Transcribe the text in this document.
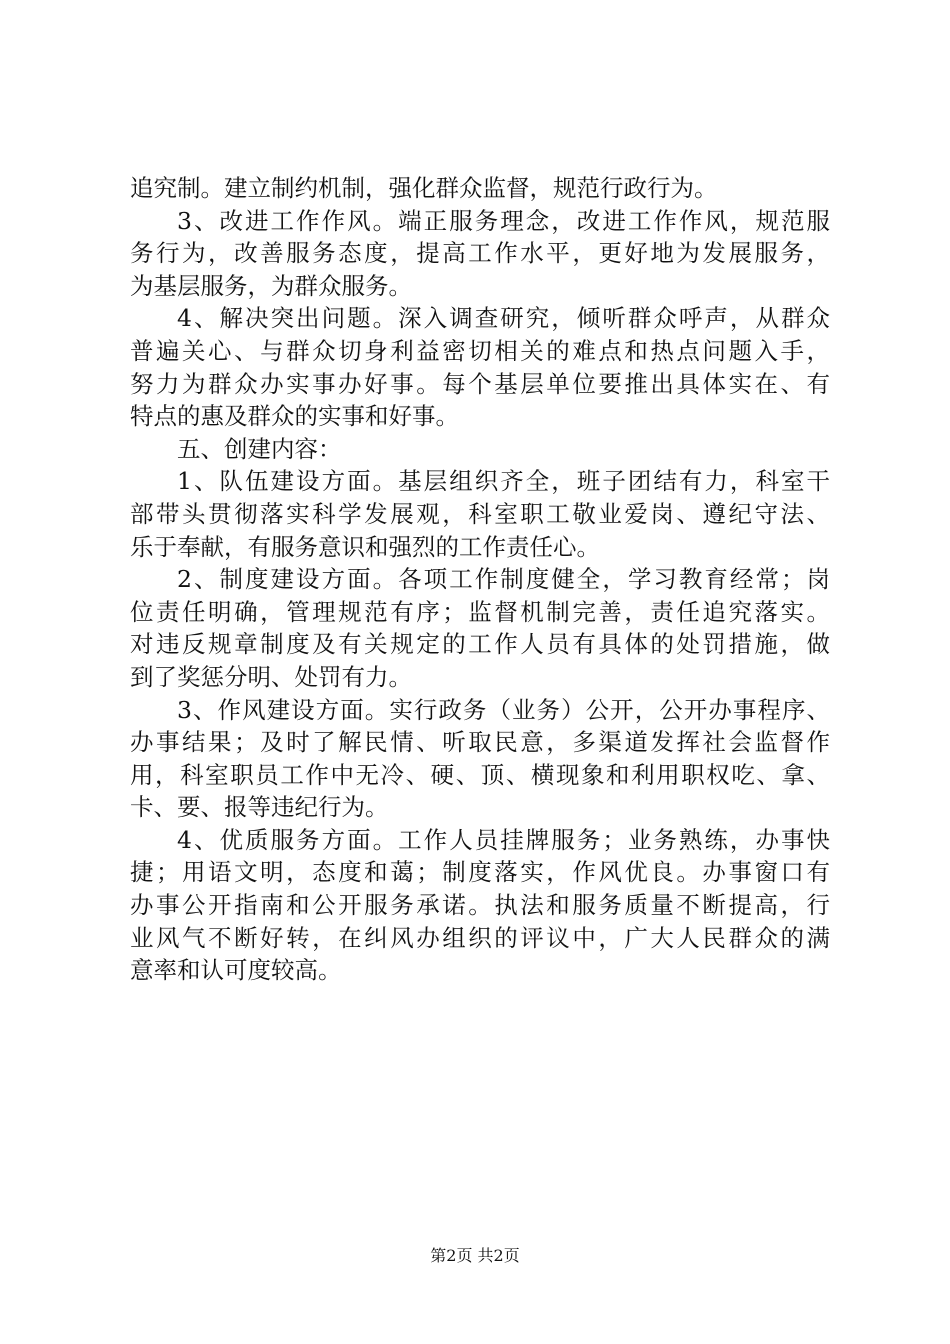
追究制。建立制约机制，强化群众监督，规范行政行为。
3、改进工作作风。端正服务理念，改进工作作风，规范服
务行为，改善服务态度，提高工作水平，更好地为发展服务，
为基层服务，为群众服务。
4、解决突出问题。深入调查研究，倾听群众呼声，从群众
普遍关心、与群众切身利益密切相关的难点和热点问题入手，
努力为群众办实事办好事。每个基层单位要推出具体实在、有
特点的惠及群众的实事和好事。
五、创建内容：
1、队伍建设方面。基层组织齐全，班子团结有力，科室干
部带头贯彻落实科学发展观，科室职工敬业爱岗、遵纪守法、
乐于奉献，有服务意识和强烈的工作责任心。
2、制度建设方面。各项工作制度健全，学习教育经常；岗
位责任明确，管理规范有序；监督机制完善，责任追究落实。
对违反规章制度及有关规定的工作人员有具体的处罚措施，做
到了奖惩分明、处罚有力。
3、作风建设方面。实行政务（业务）公开，公开办事程序、
办事结果；及时了解民情、听取民意，多渠道发挥社会监督作
用，科室职员工作中无冷、硬、顶、横现象和利用职权吃、拿、
卡、要、报等违纪行为。
4、优质服务方面。工作人员挂牌服务；业务熟练，办事快
捷；用语文明，态度和蔼；制度落实，作风优良。办事窗口有
办事公开指南和公开服务承诺。执法和服务质量不断提高，行
业风气不断好转，在纠风办组织的评议中，广大人民群众的满
意率和认可度较高。
第2页 共2页
